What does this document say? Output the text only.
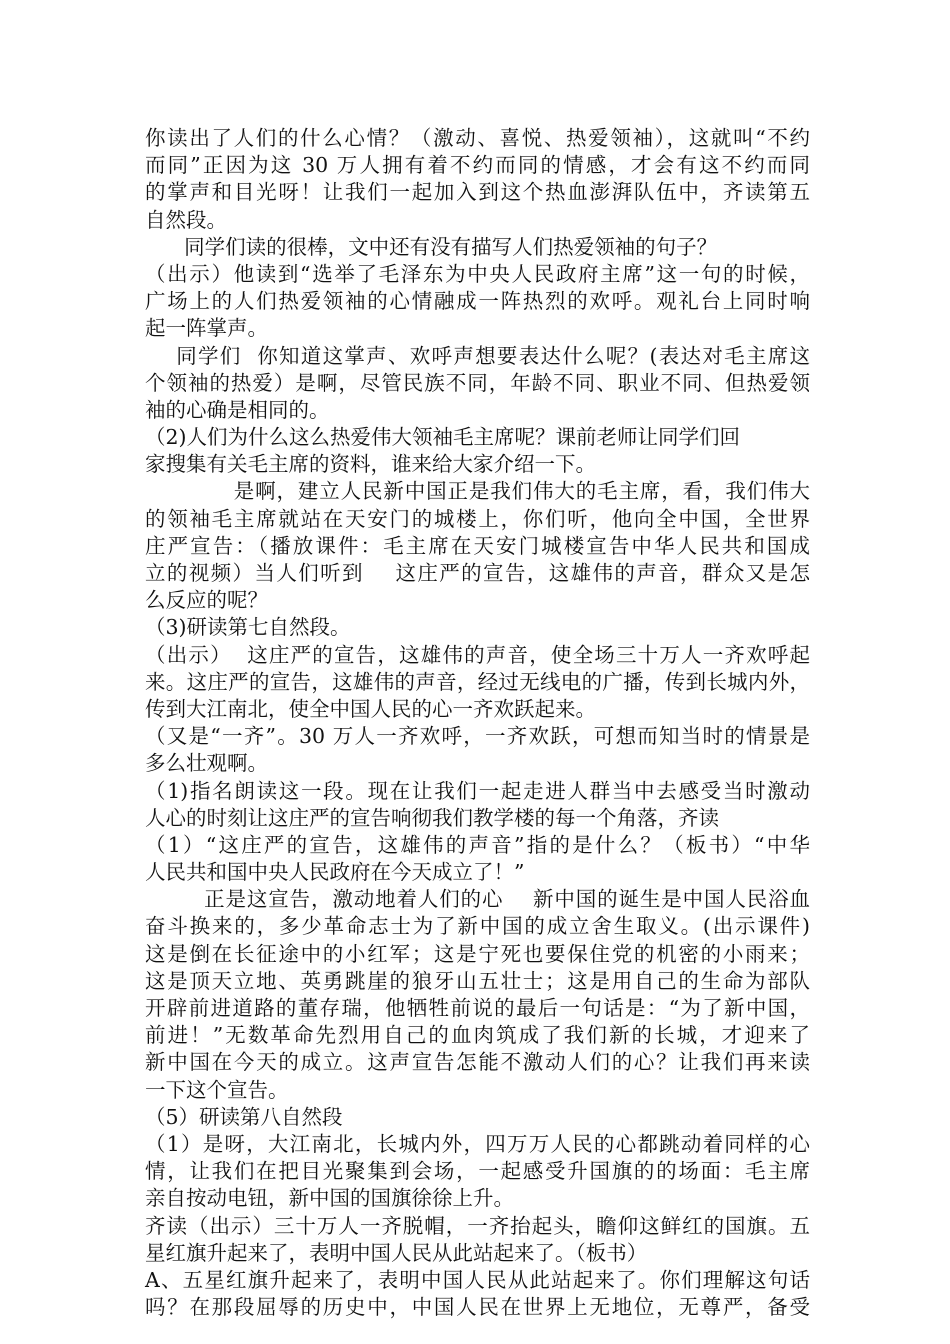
你读出了人们的什么心情？（激动、喜悦、热爱领袖），这就叫“不约
而同”正因为这 30 万人拥有着不约而同的情感，才会有这不约而同
的掌声和目光呀！让我们一起加入到这个热血澎湃队伍中，齐读第五
自然段。
同学们读的很棒，文中还有没有描写人们热爱领袖的句子？
（出示）他读到“选举了毛泽东为中央人民政府主席”这一句的时候，
广场上的人们热爱领袖的心情融成一阵热烈的欢呼。观礼台上同时响
起一阵掌声。
同学们  你知道这掌声、欢呼声想要表达什么呢？(表达对毛主席这
个领袖的热爱）是啊，尽管民族不同，年龄不同、职业不同、但热爱领
袖的心确是相同的。
（2)人们为什么这么热爱伟大领袖毛主席呢？课前老师让同学们回
家搜集有关毛主席的资料，谁来给大家介绍一下。
是啊，建立人民新中国正是我们伟大的毛主席，看，我们伟大
的领袖毛主席就站在天安门的城楼上，你们听，他向全中国，全世界
庄严宣告：（播放课件：毛主席在天安门城楼宣告中华人民共和国成
立的视频）当人们听到    这庄严的宣告，这雄伟的声音，群众又是怎
么反应的呢？
（3)研读第七自然段。
（出示）  这庄严的宣告，这雄伟的声音，使全场三十万人一齐欢呼起
来。这庄严的宣告，这雄伟的声音，经过无线电的广播，传到长城内外，
传到大江南北，使全中国人民的心一齐欢跃起来。
（又是“一齐”。30 万人一齐欢呼，一齐欢跃，可想而知当时的情景是
多么壮观啊。
（1)指名朗读这一段。现在让我们一起走进人群当中去感受当时激动
人心的时刻让这庄严的宣告响彻我们教学楼的每一个角落，齐读
（1）“这庄严的宣告，这雄伟的声音”指的是什么？（板书）“中华
人民共和国中央人民政府在今天成立了！”
正是这宣告，激动地着人们的心    新中国的诞生是中国人民浴血
奋斗换来的，多少革命志士为了新中国的成立舍生取义。(出示课件)
这是倒在长征途中的小红军；这是宁死也要保住党的机密的小雨来；
这是顶天立地、英勇跳崖的狼牙山五壮士；这是用自己的生命为部队
开辟前进道路的董存瑞，他牺牲前说的最后一句话是：“为了新中国，
前进！”无数革命先烈用自己的血肉筑成了我们新的长城，才迎来了
新中国在今天的成立。这声宣告怎能不激动人们的心？让我们再来读
一下这个宣告。
（5）研读第八自然段
（1）是呀，大江南北，长城内外，四万万人民的心都跳动着同样的心
情，让我们在把目光聚集到会场，一起感受升国旗的的场面：毛主席
亲自按动电钮，新中国的国旗徐徐上升。
齐读（出示）三十万人一齐脱帽，一齐抬起头，瞻仰这鲜红的国旗。五
星红旗升起来了，表明中国人民从此站起来了。（板书）
A、五星红旗升起来了，表明中国人民从此站起来了。你们理解这句话
吗？在那段屈辱的历史中，中国人民在世界上无地位，无尊严，备受
